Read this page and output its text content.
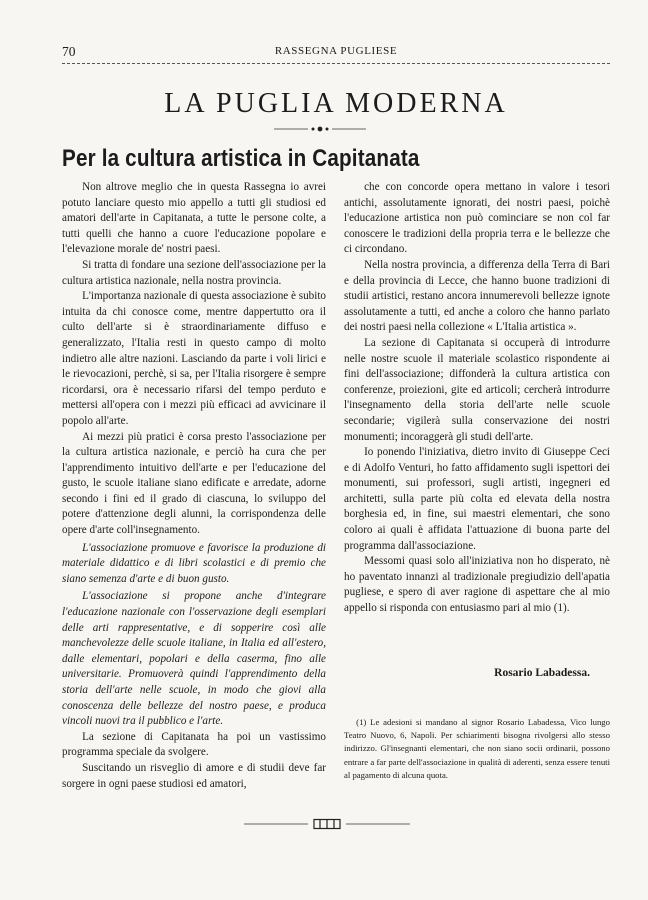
70	RASSEGNA PUGLIESE
LA PUGLIA MODERNA
Per la cultura artistica in Capitanata

Non altrove meglio che in questa Rassegna io avrei potuto lanciare questo mio appello a tutti gli studiosi ed amatori dell'arte in Capitanata, a tutte le persone colte, a tutti quelli che hanno a cuore l'educazione popolare e l'elevazione morale de' nostri paesi.

Si tratta di fondare una sezione dell'associazione per la cultura artistica nazionale, nella nostra provincia.

L'importanza nazionale di questa associazione è subito intuita da chi conosce come, mentre dappertutto ora il culto dell'arte si è straordinariamente diffuso e generalizzato, l'Italia resti in questo campo di molto indietro alle altre nazioni. Lasciando da parte i voli lirici e le rievocazioni, perchè, si sa, per l'Italia risorgere è sempre ricordarsi, ora è necessario rifarsi del tempo perduto e mettersi all'opera con i mezzi più efficaci ad avvicinare il popolo all'arte.

Ai mezzi più pratici è corsa presto l'associazione per la cultura artistica nazionale, e perciò ha cura che per l'apprendimento intuitivo dell'arte e per l'educazione del gusto, le scuole italiane siano edificate e arredate, adorne secondo i fini ed il grado di ciascuna, lo sviluppo del potere d'attenzione degli alunni, la corrispondenza delle opere d'arte coll'insegnamento.

L'associazione promuove e favorisce la produzione di materiale didattico e di libri scolastici e di premio che siano semenza d'arte e di buon gusto.

L'associazione si propone anche d'integrare l'educazione nazionale con l'osservazione degli esemplari delle arti rappresentative, e di sopperire così alle manchevolezze delle scuole italiane, in Italia ed all'estero, dalle elementari, popolari e della caserma, fino alle universitarie. Promuoverà quindi l'apprendimento della storia dell'arte nelle scuole, in modo che giovi alla conoscenza delle bellezze del nostro paese, e produca vincoli nuovi tra il pubblico e l'arte.

La sezione di Capitanata ha poi un vastissimo programma speciale da svolgere.

Suscitando un risveglio di amore e di studii deve far sorgere in ogni paese studiosi ed amatori,

che con concorde opera mettano in valore i tesori antichi, assolutamente ignorati, dei nostri paesi, poichè l'educazione artistica non può cominciare se non col far conoscere le tradizioni della propria terra e le bellezze che ci circondano.

Nella nostra provincia, a differenza della Terra di Bari e della provincia di Lecce, che hanno buone tradizioni di studii artistici, restano ancora innumerevoli bellezze ignote assolutamente a tutti, ed anche a coloro che hanno parlato dei nostri paesi nella collezione « L'Italia artistica ».

La sezione di Capitanata si occuperà di introdurre nelle nostre scuole il materiale scolastico rispondente ai fini dell'associazione; diffonderà la cultura artistica con conferenze, proiezioni, gite ed articoli; cercherà introdurre l'insegnamento della storia dell'arte nelle scuole secondarie; vigilerà sulla conservazione dei nostri monumenti; incoraggerà gli studi dell'arte.

Io ponendo l'iniziativa, dietro invito di Giuseppe Ceci e di Adolfo Venturi, ho fatto affidamento sugli ispettori dei monumenti, sui professori, sugli artisti, ingegneri ed architetti, sulla parte più colta ed elevata della nostra borghesia ed, in fine, sui maestri elementari, che sono coloro ai quali è affidata l'attuazione di buona parte del programma dall'associazione.

Messomi quasi solo all'iniziativa non ho disperato, nè ho paventato innanzi al tradizionale pregiudizio dell'apatia pugliese, e spero di aver ragione di aspettare che al mio appello si risponda con entusiasmo pari al mio (1).

Rosario Labadessa.

(1) Le adesioni si mandano al signor Rosario Labadessa, Vico lungo Teatro Nuovo, 6, Napoli. Per schiarimenti bisogna rivolgersi allo stesso indirizzo. Gl'insegnanti elementari, che non siano socii ordinarii, possono entrare a far parte dell'associazione in qualità di aderenti, senza essere tenuti al pagamento di alcuna quota.
